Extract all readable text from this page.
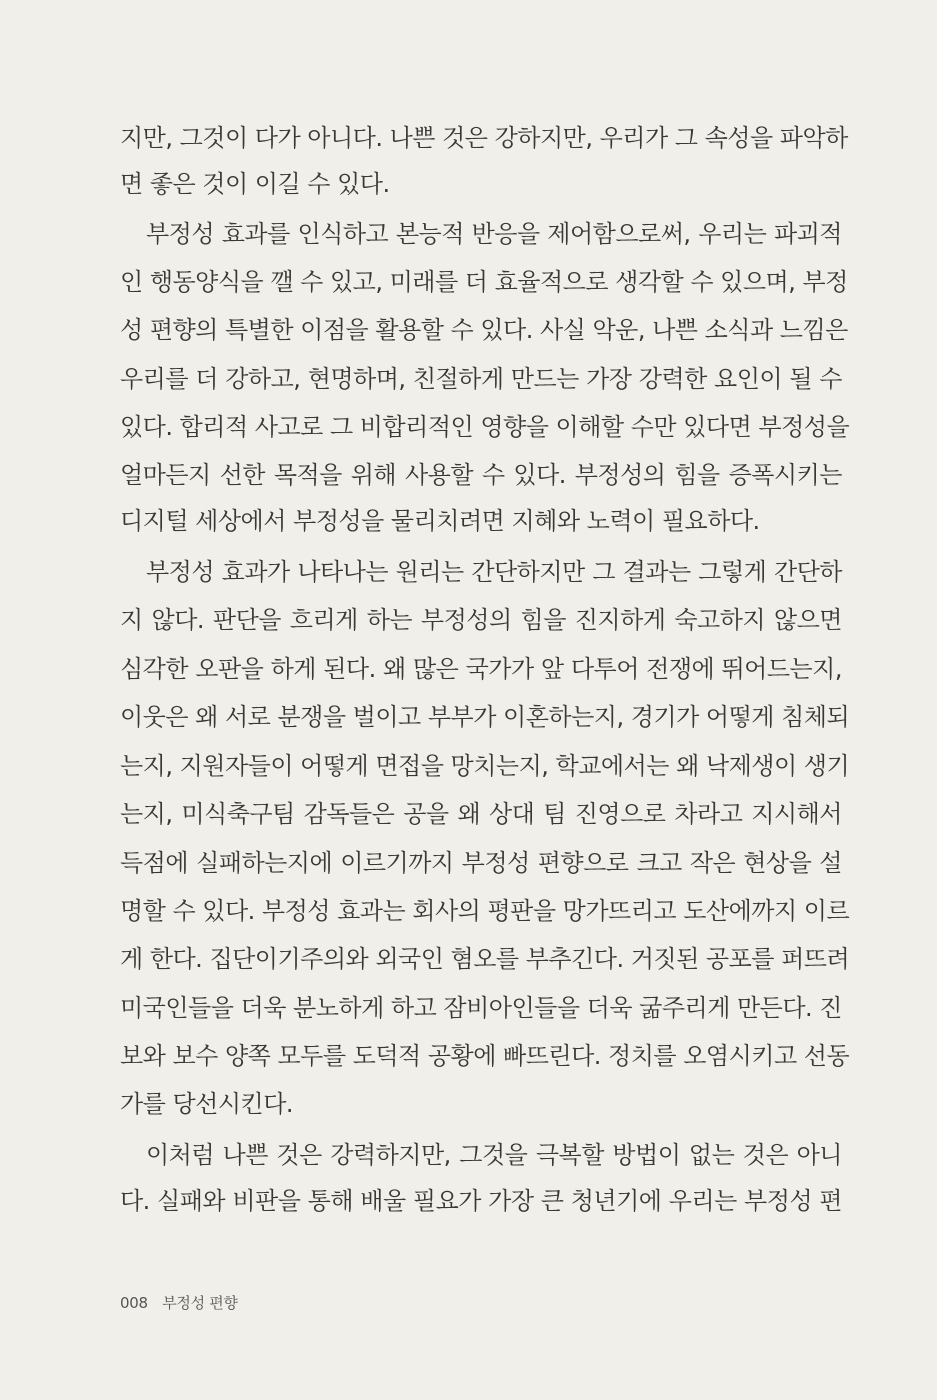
지만, 그것이 다가 아니다. 나쁜 것은 강하지만, 우리가 그 속성을 파악하
면 좋은 것이 이길 수 있다.
부정성 효과를 인식하고 본능적 반응을 제어함으로써, 우리는 파괴적
인 행동양식을 깰 수 있고, 미래를 더 효율적으로 생각할 수 있으며, 부정
성 편향의 특별한 이점을 활용할 수 있다. 사실 악운, 나쁜 소식과 느낌은
우리를 더 강하고, 현명하며, 친절하게 만드는 가장 강력한 요인이 될 수
있다. 합리적 사고로 그 비합리적인 영향을 이해할 수만 있다면 부정성을
얼마든지 선한 목적을 위해 사용할 수 있다. 부정성의 힘을 증폭시키는
디지털 세상에서 부정성을 물리치려면 지혜와 노력이 필요하다.
부정성 효과가 나타나는 원리는 간단하지만 그 결과는 그렇게 간단하
지 않다. 판단을 흐리게 하는 부정성의 힘을 진지하게 숙고하지 않으면
심각한 오판을 하게 된다. 왜 많은 국가가 앞 다투어 전쟁에 뛰어드는지,
이웃은 왜 서로 분쟁을 벌이고 부부가 이혼하는지, 경기가 어떻게 침체되
는지, 지원자들이 어떻게 면접을 망치는지, 학교에서는 왜 낙제생이 생기
는지, 미식축구팀 감독들은 공을 왜 상대 팀 진영으로 차라고 지시해서
득점에 실패하는지에 이르기까지 부정성 편향으로 크고 작은 현상을 설
명할 수 있다. 부정성 효과는 회사의 평판을 망가뜨리고 도산에까지 이르
게 한다. 집단이기주의와 외국인 혐오를 부추긴다. 거짓된 공포를 퍼뜨려
미국인들을 더욱 분노하게 하고 잠비아인들을 더욱 굶주리게 만든다. 진
보와 보수 양쪽 모두를 도덕적 공황에 빠뜨린다. 정치를 오염시키고 선동
가를 당선시킨다.
이처럼 나쁜 것은 강력하지만, 그것을 극복할 방법이 없는 것은 아니
다. 실패와 비판을 통해 배울 필요가 가장 큰 청년기에 우리는 부정성 편
008 부정성 편향
